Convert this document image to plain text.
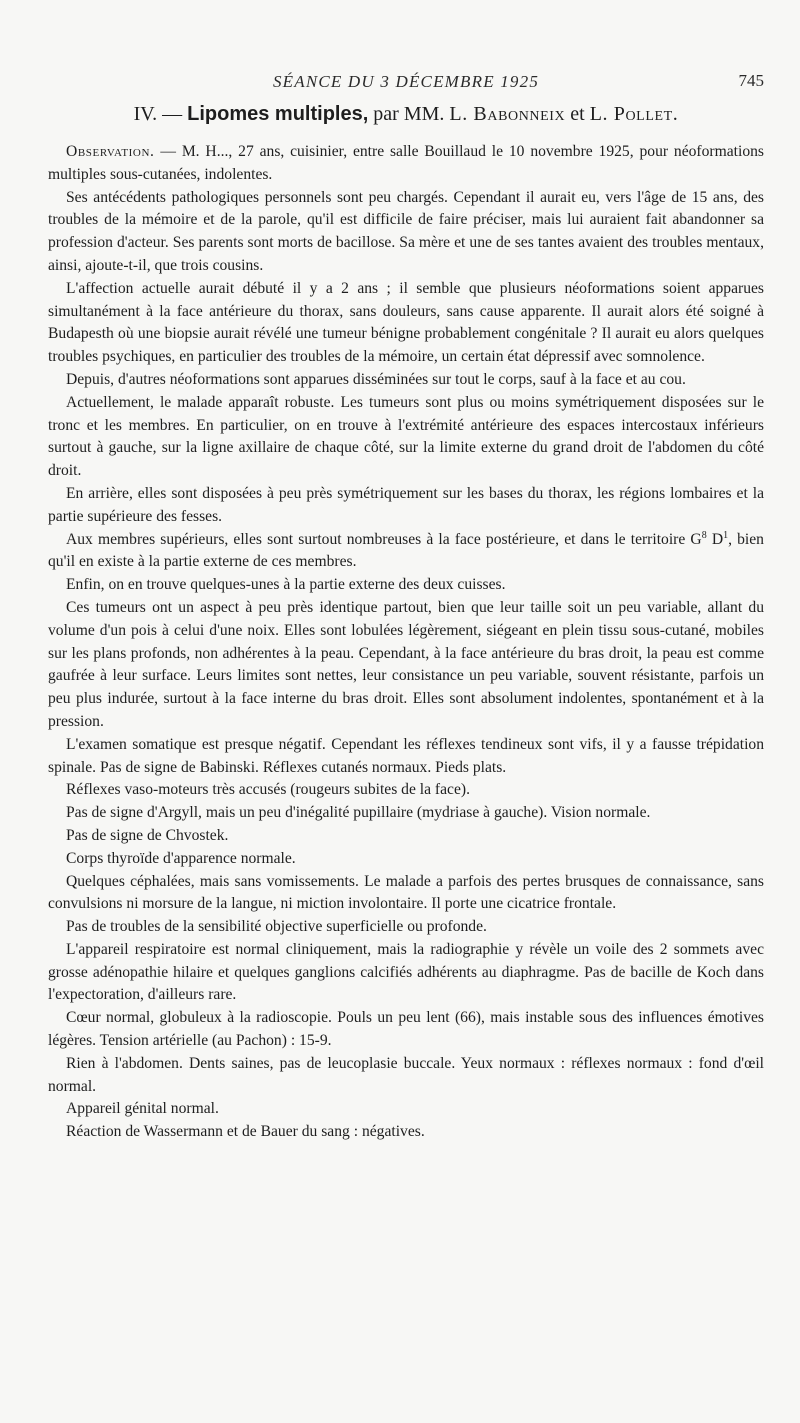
SÉANCE DU 3 DÉCEMBRE 1925	745
IV. — Lipomes multiples, par MM. L. Babonneix et L. Pollet.

Observation. — M. H..., 27 ans, cuisinier, entre salle Bouillaud le 10 novembre 1925, pour néoformations multiples sous-cutanées, indolentes.

Ses antécédents pathologiques personnels sont peu chargés. Cependant il aurait eu, vers l'âge de 15 ans, des troubles de la mémoire et de la parole, qu'il est difficile de faire préciser, mais lui auraient fait abandonner sa profession d'acteur. Ses parents sont morts de bacillose. Sa mère et une de ses tantes avaient des troubles mentaux, ainsi, ajoute-t-il, que trois cousins.

L'affection actuelle aurait débuté il y a 2 ans ; il semble que plusieurs néoformations soient apparues simultanément à la face antérieure du thorax, sans douleurs, sans cause apparente. Il aurait alors été soigné à Budapesth où une biopsie aurait révélé une tumeur bénigne probablement congénitale ? Il aurait eu alors quelques troubles psychiques, en particulier des troubles de la mémoire, un certain état dépressif avec somnolence.

Depuis, d'autres néoformations sont apparues disséminées sur tout le corps, sauf à la face et au cou.

Actuellement, le malade apparaît robuste. Les tumeurs sont plus ou moins symétriquement disposées sur le tronc et les membres. En particulier, on en trouve à l'extrémité antérieure des espaces intercostaux inférieurs surtout à gauche, sur la ligne axillaire de chaque côté, sur la limite externe du grand droit de l'abdomen du côté droit.

En arrière, elles sont disposées à peu près symétriquement sur les bases du thorax, les régions lombaires et la partie supérieure des fesses.

Aux membres supérieurs, elles sont surtout nombreuses à la face postérieure, et dans le territoire $G^8$ $D^1$, bien qu'il en existe à la partie externe de ces membres.

Enfin, on en trouve quelques-unes à la partie externe des deux cuisses.

Ces tumeurs ont un aspect à peu près identique partout, bien que leur taille soit un peu variable, allant du volume d'un pois à celui d'une noix. Elles sont lobulées légèrement, siégeant en plein tissu sous-cutané, mobiles sur les plans profonds, non adhérentes à la peau. Cependant, à la face antérieure du bras droit, la peau est comme gaufrée à leur surface. Leurs limites sont nettes, leur consistance un peu variable, souvent résistante, parfois un peu plus indurée, surtout à la face interne du bras droit. Elles sont absolument indolentes, spontanément et à la pression.

L'examen somatique est presque négatif. Cependant les réflexes tendineux sont vifs, il y a fausse trépidation spinale. Pas de signe de Babinski. Réflexes cutanés normaux. Pieds plats.

Réflexes vaso-moteurs très accusés (rougeurs subites de la face).

Pas de signe d'Argyll, mais un peu d'inégalité pupillaire (mydriase à gauche). Vision normale.

Pas de signe de Chvostek.

Corps thyroïde d'apparence normale.

Quelques céphalées, mais sans vomissements. Le malade a parfois des pertes brusques de connaissance, sans convulsions ni morsure de la langue, ni miction involontaire. Il porte une cicatrice frontale.

Pas de troubles de la sensibilité objective superficielle ou profonde.

L'appareil respiratoire est normal cliniquement, mais la radiographie y révèle un voile des 2 sommets avec grosse adénopathie hilaire et quelques ganglions calcifiés adhérents au diaphragme. Pas de bacille de Koch dans l'expectoration, d'ailleurs rare.

Cœur normal, globuleux à la radioscopie. Pouls un peu lent (66), mais instable sous des influences émotives légères. Tension artérielle (au Pachon) : 15-9.

Rien à l'abdomen. Dents saines, pas de leucoplasie buccale. Yeux normaux : réflexes normaux : fond d'œil normal.

Appareil génital normal.

Réaction de Wassermann et de Bauer du sang : négatives.
